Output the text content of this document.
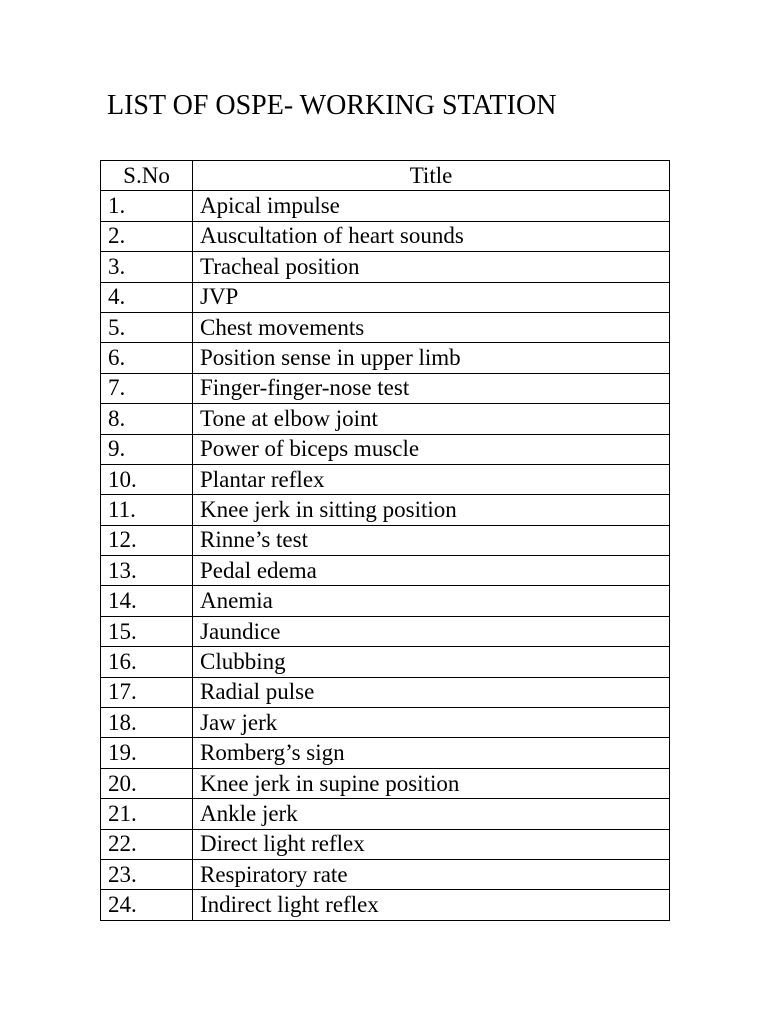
LIST OF OSPE- WORKING STATION
S.No	Title
1.	Apical impulse
2.	Auscultation of heart sounds
3.	Tracheal position
4.	JVP
5.	Chest movements
6.	Position sense in upper limb
7.	Finger-finger-nose test
8.	Tone at elbow joint
9.	Power of biceps muscle
10.	Plantar reflex
11.	Knee jerk in sitting position
12.	Rinne’s test
13.	Pedal edema
14.	Anemia
15.	Jaundice
16.	Clubbing
17.	Radial pulse
18.	Jaw jerk
19.	Romberg’s sign
20.	Knee jerk in supine position
21.	Ankle jerk
22.	Direct light reflex
23.	Respiratory rate
24.	Indirect light reflex
